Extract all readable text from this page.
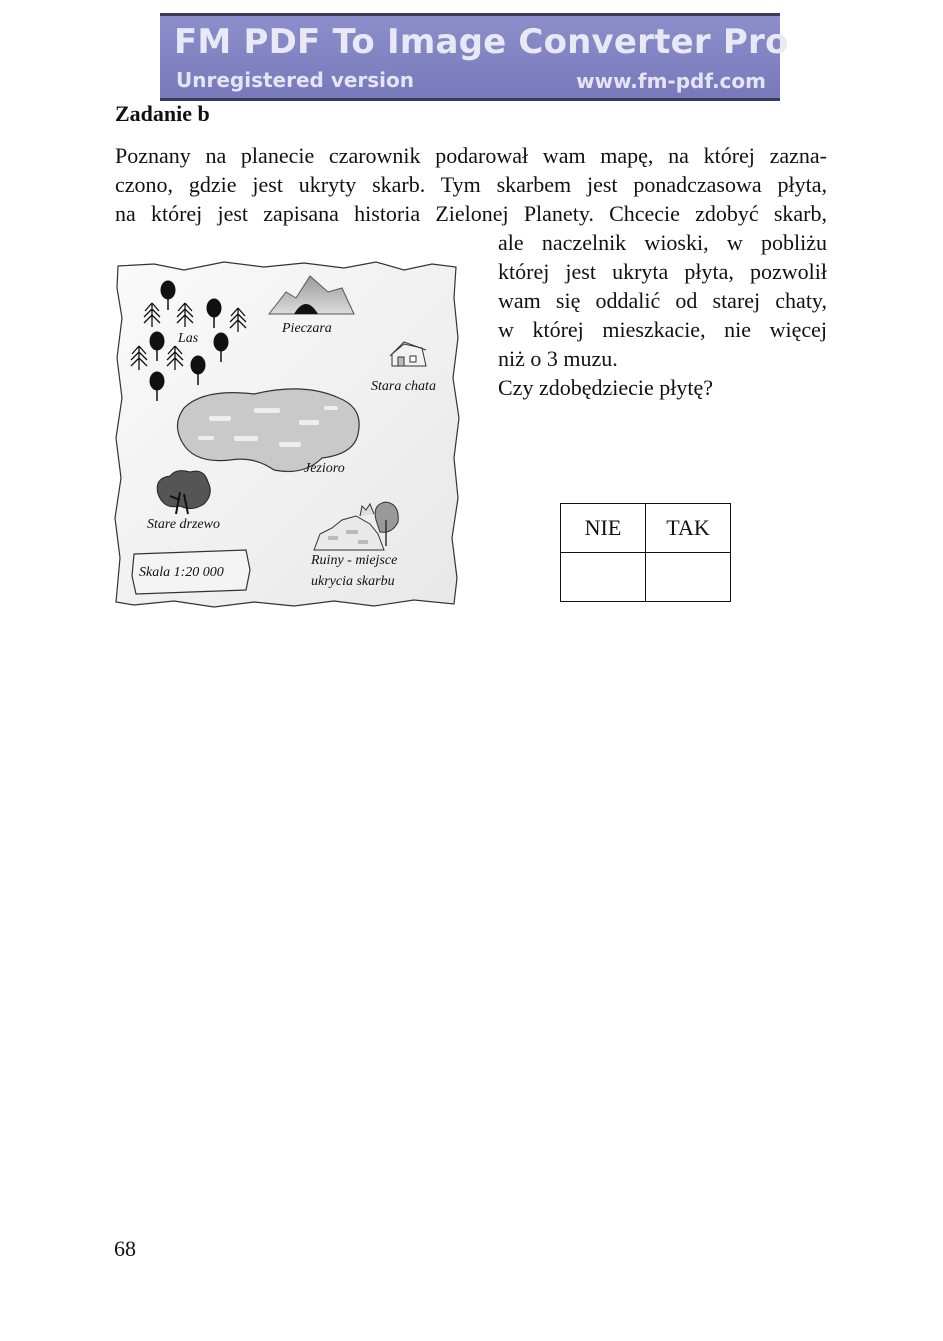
FM PDF To Image Converter Pro
Unregistered version	www.fm-pdf.com
Zadanie b
Poznany na planecie czarownik podarował wam mapę, na której zazna-
czono, gdzie jest ukryty skarb. Tym skarbem jest ponadczasowa płyta,
na której jest zapisana historia Zielonej Planety. Chcecie zdobyć skarb,
ale naczelnik wioski, w pobliżu
której jest ukryta płyta, pozwolił
wam się oddalić od starej chaty,
w której mieszkacie, nie więcej
niż o 3 muzu.
Czy zdobędziecie płytę?
Las
Pieczara
Stara chata
Jezioro
Stare drzewo
Ruiny - miejsce
ukrycia skarbu
Skala 1:20 000
NIE	TAK

68
